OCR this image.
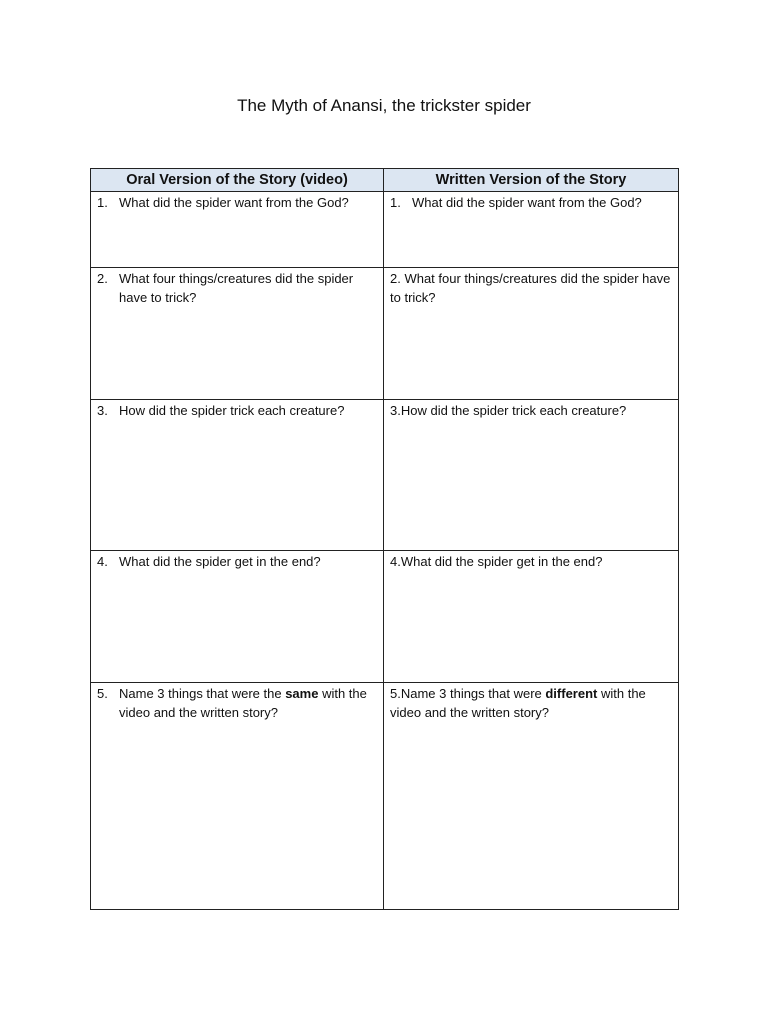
The Myth of Anansi, the trickster spider
Oral Version of the Story (video)	Written Version of the Story

1. What did the spider want from the God?	1. What did the spider want from the God?

2. What four things/creatures did the spider have to trick?	2. What four things/creatures did the spider have to trick?

3. How did the spider trick each creature?	3.How did the spider trick each creature?

4. What did the spider get in the end?	4.What did the spider get in the end?

5. Name 3 things that were the same with the video and the written story?	5.Name 3 things that were different with the video and the written story?
